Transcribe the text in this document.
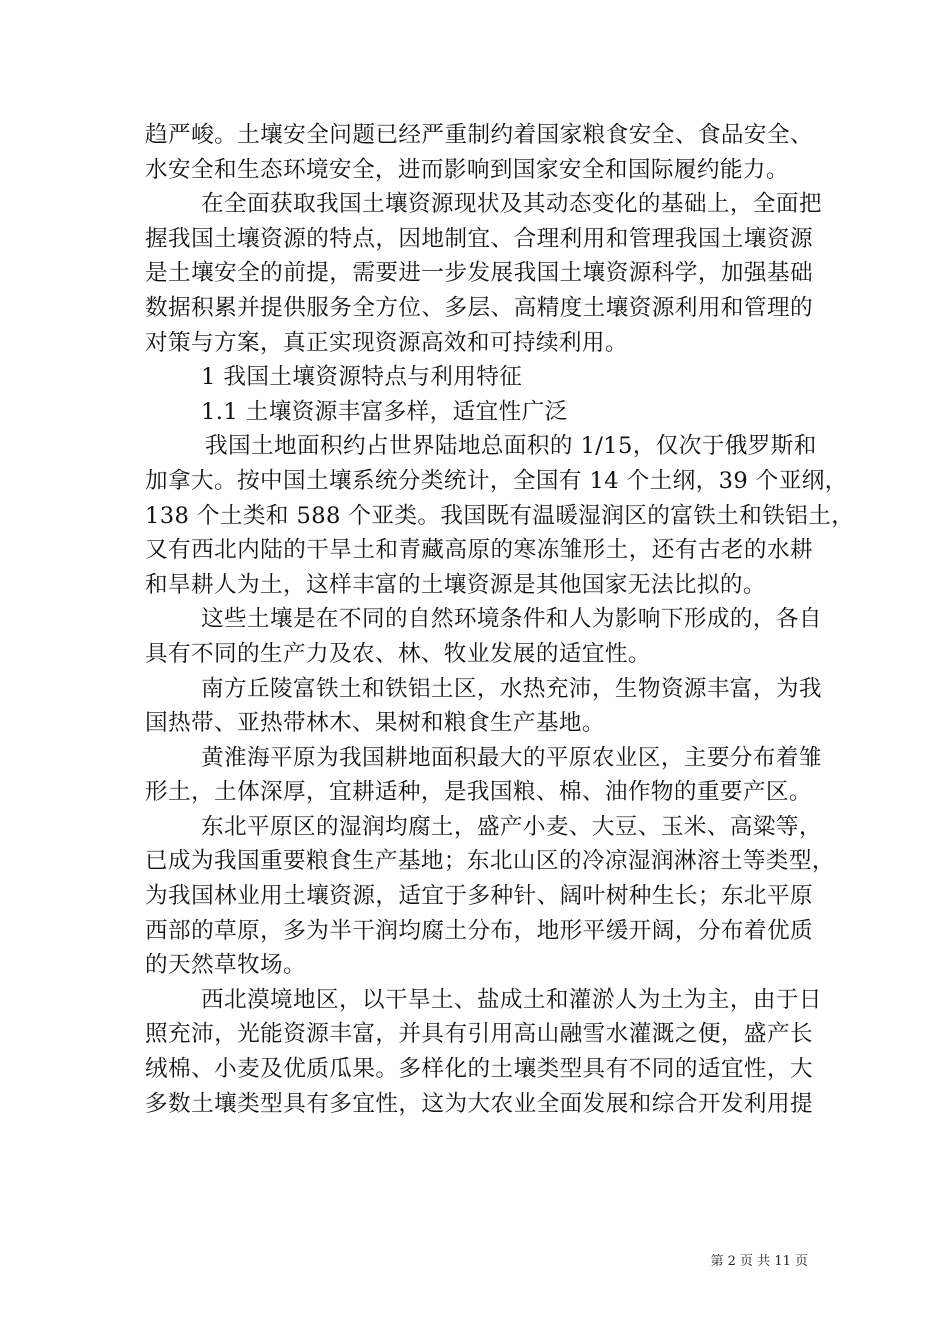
趋严峻。土壤安全问题已经严重制约着国家粮食安全、食品安全、
水安全和生态环境安全，进而影响到国家安全和国际履约能力。
在全面获取我国土壤资源现状及其动态变化的基础上，全面把
握我国土壤资源的特点，因地制宜、合理利用和管理我国土壤资源
是土壤安全的前提，需要进一步发展我国土壤资源科学，加强基础
数据积累并提供服务全方位、多层、高精度土壤资源利用和管理的
对策与方案，真正实现资源高效和可持续利用。
1 我国土壤资源特点与利用特征
1.1 土壤资源丰富多样，适宜性广泛
我国土地面积约占世界陆地总面积的 1/15，仅次于俄罗斯和
加拿大。按中国土壤系统分类统计，全国有 14 个土纲，39 个亚纲，
138 个土类和 588 个亚类。我国既有温暖湿润区的富铁土和铁铝土，
又有西北内陆的干旱土和青藏高原的寒冻雏形土，还有古老的水耕
和旱耕人为土，这样丰富的土壤资源是其他国家无法比拟的。
这些土壤是在不同的自然环境条件和人为影响下形成的，各自
具有不同的生产力及农、林、牧业发展的适宜性。
南方丘陵富铁土和铁铝土区，水热充沛，生物资源丰富，为我
国热带、亚热带林木、果树和粮食生产基地。
黄淮海平原为我国耕地面积最大的平原农业区，主要分布着雏
形土，土体深厚，宜耕适种，是我国粮、棉、油作物的重要产区。
东北平原区的湿润均腐土，盛产小麦、大豆、玉米、高粱等，
已成为我国重要粮食生产基地；东北山区的冷凉湿润淋溶土等类型，
为我国林业用土壤资源，适宜于多种针、阔叶树种生长；东北平原
西部的草原，多为半干润均腐土分布，地形平缓开阔，分布着优质
的天然草牧场。
西北漠境地区，以干旱土、盐成土和灌淤人为土为主，由于日
照充沛，光能资源丰富，并具有引用高山融雪水灌溉之便，盛产长
绒棉、小麦及优质瓜果。多样化的土壤类型具有不同的适宜性，大
多数土壤类型具有多宜性，这为大农业全面发展和综合开发利用提
第 2 页 共 11 页
